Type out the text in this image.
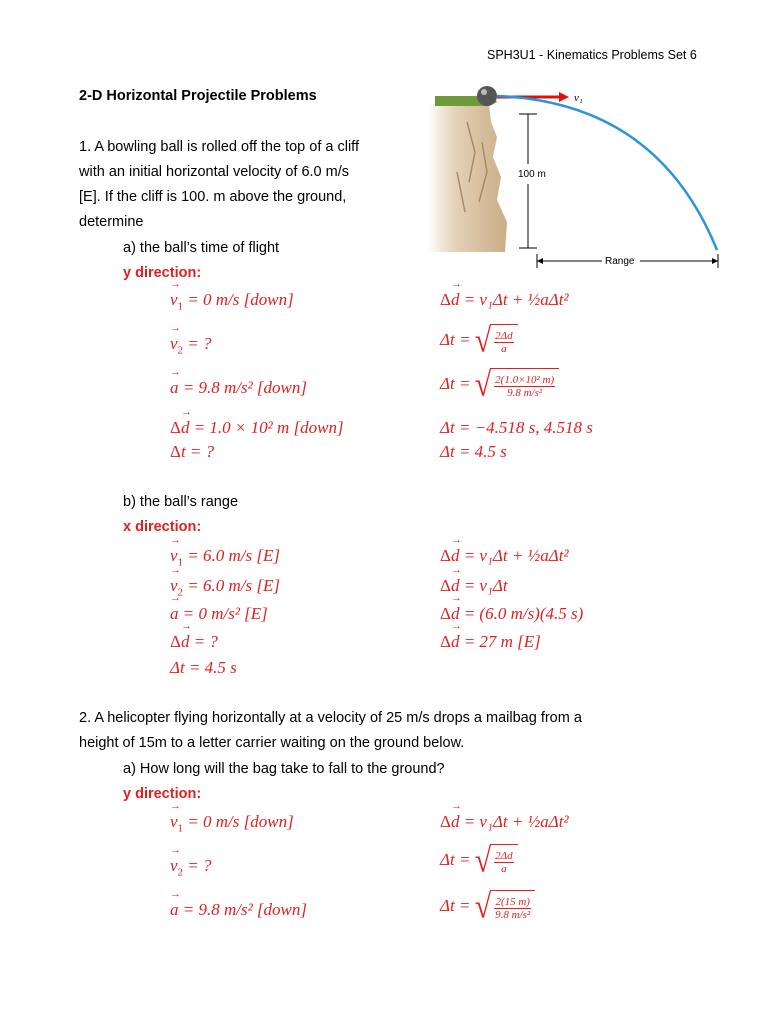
SPH3U1 - Kinematics Problems Set 6
2-D Horizontal Projectile Problems
1. A bowling ball is rolled off the top of a cliff
with an initial horizontal velocity of 6.0 m/s
[E]. If the cliff is 100. m above the ground,
determine
a) the ball’s time of flight
y direction:
v₁
100 m
Range
→ $v_1 = 0$ m/s [down]
→ $v_2$ = ?
→ a = 9.8 m/s² [down]
Δ→ d = 1.0 × 10² m [down]
Δt = ?
Δ→ d = v₁Δt + ½aΔt²
Δt = √ $\frac{2\Delta d}{a}$
Δt = √ $\frac{\text{2(1.0×10² m)}}{\text{9.8 m/s²}}$
Δt = −4.518 s, 4.518 s
Δt = 4.5 s
b) the ball’s range
x direction:
→ $v_1 = 6.0$ m/s [E]
→ $v_2 = 6.0$ m/s [E]
→ a = 0 m/s² [E]
Δ→ d = ?
Δt = 4.5 s
Δ→ d = v₁Δt + ½aΔt²
Δ→ d = v₁Δt
Δ→ d = (6.0 m/s)(4.5 s)
Δ→ d = 27 m [E]
2. A helicopter flying horizontally at a velocity of 25 m/s drops a mailbag from a
height of 15m to a letter carrier waiting on the ground below.
a) How long will the bag take to fall to the ground?
y direction:
→ $v_1 = 0$ m/s [down]
→ $v_2$ = ?
→ a = 9.8 m/s² [down]
Δ→ d = v₁Δt + ½aΔt²
Δt = √ $\frac{2\Delta d}{a}$
Δt = √ $\frac{2(15 m)}{\text{9.8 m/s²}}$
